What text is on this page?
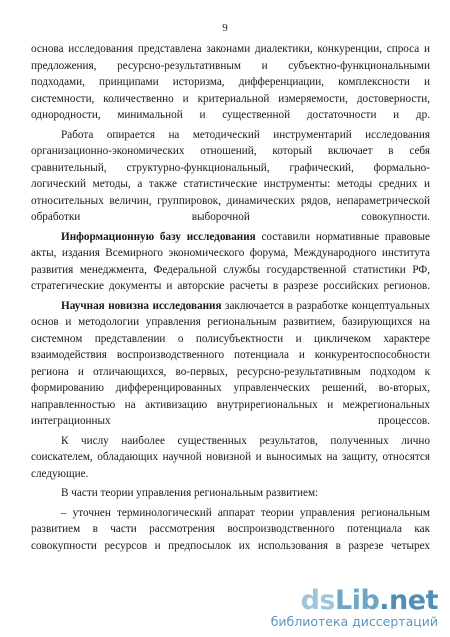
9

основа исследования представлена законами диалектики, конкуренции, спроса и предложения, ресурсно-результативным и субъектно-функциональными подходами, принципами историзма, дифференциации, комплексности и системности, количественно и критериальной измеряемости, достоверности, однородности, минимальной и существенной достаточности и др.

Работа опирается на методический инструментарий исследования организационно-экономических отношений, который включает в себя сравнительный, структурно-функциональный, графический, формально-логический методы, а также статистические инструменты: методы средних и относительных величин, группировок, динамических рядов, непараметрической обработки выборочной совокупности.

Информационную базу исследования составили нормативные правовые акты, издания Всемирного экономического форума, Международного института развития менеджмента, Федеральной службы государственной статистики РФ, стратегические документы и авторские расчеты в разрезе российских регионов.

Научная новизна исследования заключается в разработке концептуальных основ и методологии управления региональным развитием, базирующихся на системном представлении о полисубъектности и цикличеком характере взаимодействия воспроизводственного потенциала и конкурентоспособности региона и отличающихся, во-первых, ресурсно-результативным подходом к формированию дифференцированных управленческих решений, во-вторых, направленностью на активизацию внутрирегиональных и межрегиональных интеграционных процессов.

К числу наиболее существенных результатов, полученных лично соискателем, обладающих научной новизной и выносимых на защиту, относятся следующие.

В части теории управления региональным развитием:

– уточнен терминологический аппарат теории управления региональным развитием в части рассмотрения воспроизводственного потенциала как совокупности ресурсов и предпосылок их использования в разрезе четырех

dsLib.net
библиотека диссертаций
